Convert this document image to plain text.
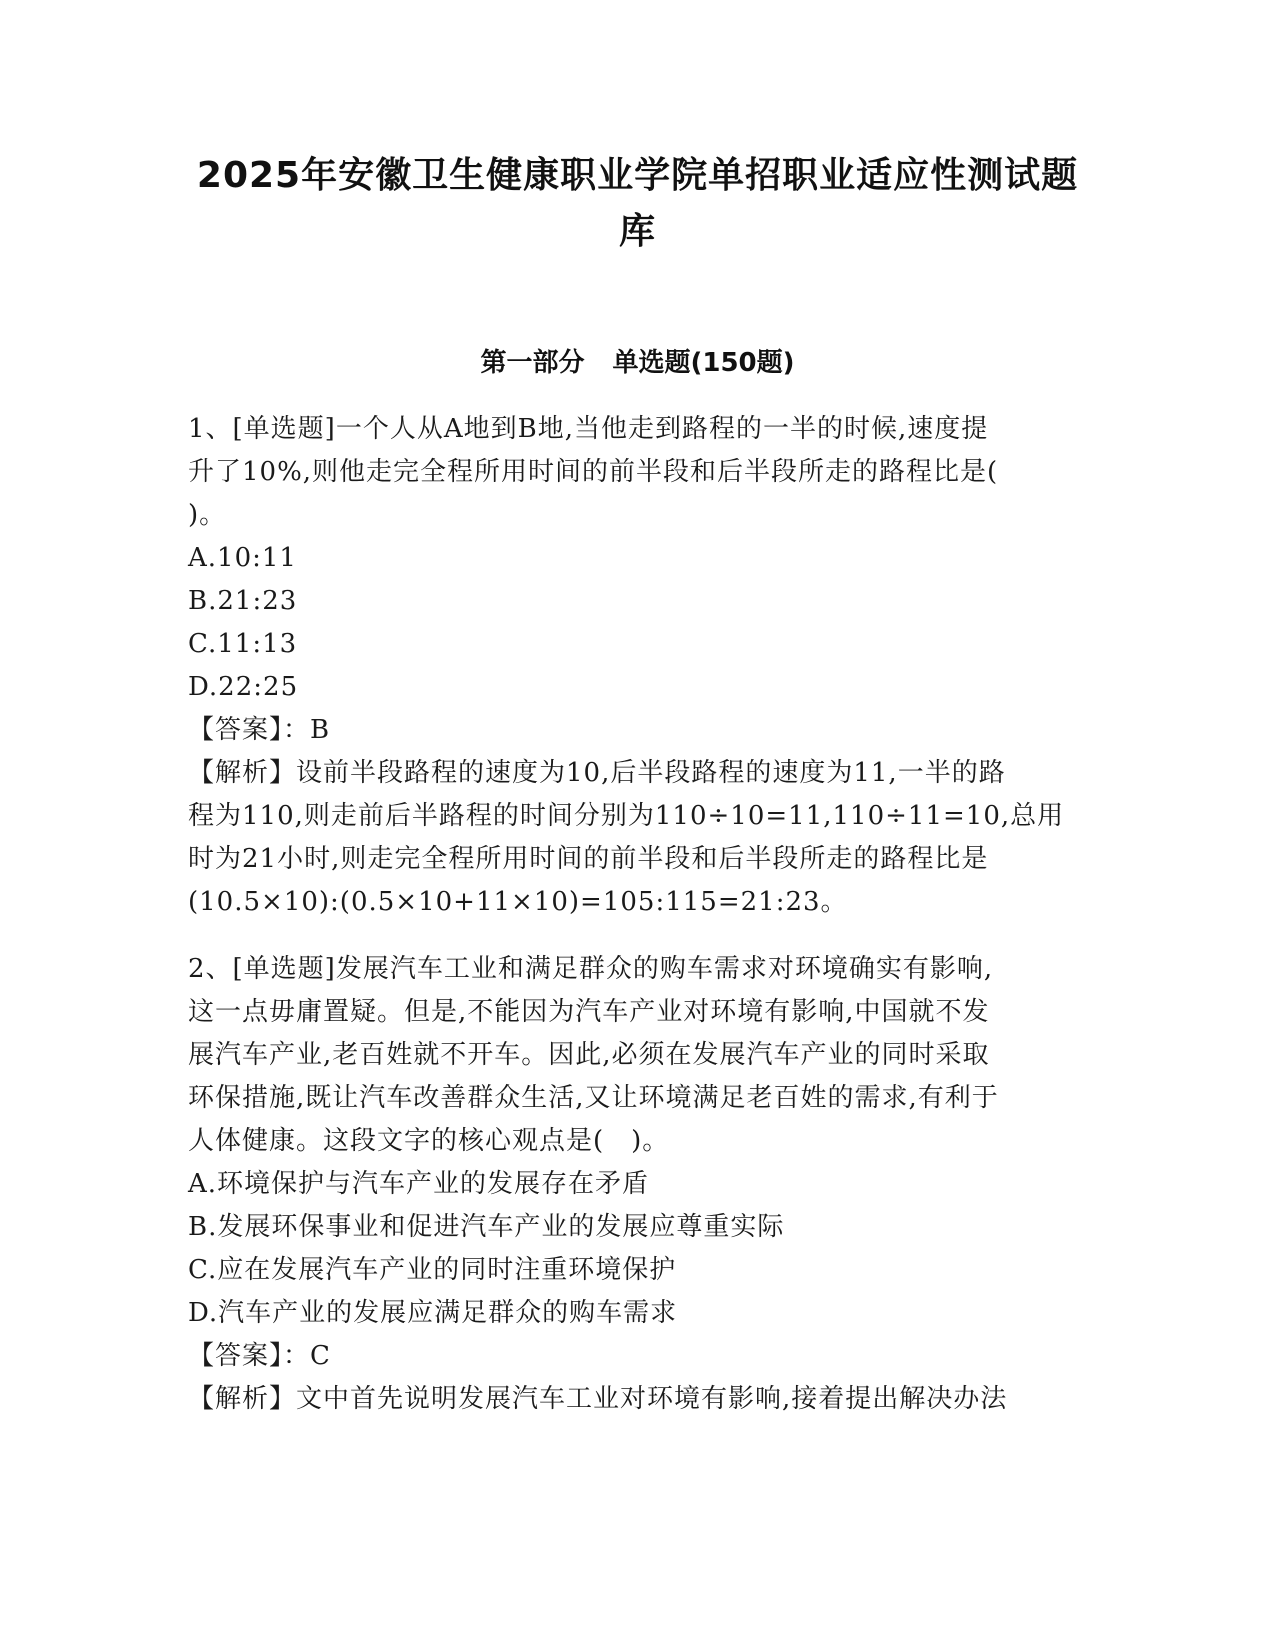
2025年安徽卫生健康职业学院单招职业适应性测试题
库
第一部分 单选题(150题)
1、[单选题]一个人从A地到B地,当他走到路程的一半的时候,速度提
升了10%,则他走完全程所用时间的前半段和后半段所走的路程比是(
)。
A.10:11
B.21:23
C.11:13
D.22:25
【答案】：B
【解析】设前半段路程的速度为10,后半段路程的速度为11,一半的路
程为110,则走前后半路程的时间分别为110÷10=11,110÷11=10,总用
时为21小时,则走完全程所用时间的前半段和后半段所走的路程比是
(10.5×10):(0.5×10+11×10)=105:115=21:23。
2、[单选题]发展汽车工业和满足群众的购车需求对环境确实有影响,
这一点毋庸置疑。但是,不能因为汽车产业对环境有影响,中国就不发
展汽车产业,老百姓就不开车。因此,必须在发展汽车产业的同时采取
环保措施,既让汽车改善群众生活,又让环境满足老百姓的需求,有利于
人体健康。这段文字的核心观点是(　)。
A.环境保护与汽车产业的发展存在矛盾
B.发展环保事业和促进汽车产业的发展应尊重实际
C.应在发展汽车产业的同时注重环境保护
D.汽车产业的发展应满足群众的购车需求
【答案】：C
【解析】文中首先说明发展汽车工业对环境有影响,接着提出解决办法
